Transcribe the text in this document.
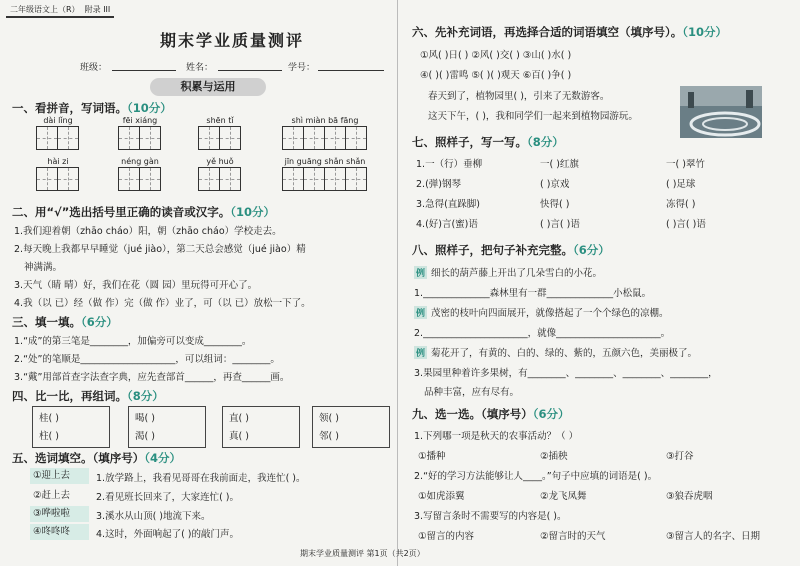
二年级语文上（R） 附录 III
期末学业质量测评
班级：	姓名：	学号：
积累与运用
一、看拼音，写词语。（10分）
dài lǐng	fēi xiáng	shēn tǐ	shì miàn bā fāng
hài zi	néng gàn	yě huǒ	jīn guāng shǎn shǎn
二、用“√”选出括号里正确的读音或汉字。（10分）
1.我们迎着朝（zhāo cháo）阳，朝（zhāo cháo）学校走去。
2.每天晚上我都早早睡觉（jué jiào），第二天总会感觉（jué jiào）精
神满满。
3.天气（睛 晴）好，我们在花（圆 园）里玩得可开心了。
4.我（以 已）经（做 作）完（做 作）业了，可（以 已）放松一下了。
三、填一填。（6分）
1.“成”的第三笔是________，加偏旁可以变成________。
2.“处”的笔顺是____________________，可以组词：________。
3.“戴”用部首查字法查字典，应先查部首______，再查______画。
四、比一比，再组词。（8分）
桂( )
柱( )
喝( )
渴( )
直( )
真( )
领( )
邻( )
五、选词填空。（填序号）（4分）
①迎上去
②赶上去
③哗啦啦
④咚咚咚
1.放学路上，我看见哥哥在我前面走，我连忙( )。
2.看见班长回来了，大家连忙( )。
3.溪水从山顶( )地流下来。
4.这时，外面响起了( )的敲门声。
六、先补充词语，再选择合适的词语填空（填序号）。（10分）
①风( )日( ) ②风( )交( ) ③山( )水( )
④( )( )雷鸣 ⑤( )( )观天 ⑥百( )争( )
春天到了，植物园里( )，引来了无数游客。
这天下午，( )，我和同学们一起来到植物园游玩。
七、照样子，写一写。（8分）
1.一（行）垂柳	一( )红旗	一( )翠竹
2.(弹)钢琴	( )京戏	( )足球
3.急得(直跺脚)	快得( )	冻得( )
4.(好)言(蜜)语	( )言( )语	( )言( )语
八、照样子，把句子补充完整。（6分）
例 细长的葫芦藤上开出了几朵雪白的小花。
1.______________森林里有一群______________小松鼠。
例 茂密的枝叶向四面展开，就像搭起了一个个绿色的凉棚。
2.______________________，就像______________________。
例 菊花开了，有黄的、白的、绿的、紫的，五颜六色，美丽极了。
3.果园里种着许多果树，有________、________、________、________，
品种丰富，应有尽有。
九、选一选。（填序号）（6分）
1.下列哪一项是秋天的农事活动？（ ）
①播种	②插秧	③打谷
2.“好的学习方法能够让人____。”句子中应填的词语是( )。
①如虎添翼	②龙飞凤舞	③狼吞虎咽
3.写留言条时不需要写的内容是( )。
①留言的内容	②留言时的天气	③留言人的名字、日期
期末学业质量测评 第1页（共2页）
